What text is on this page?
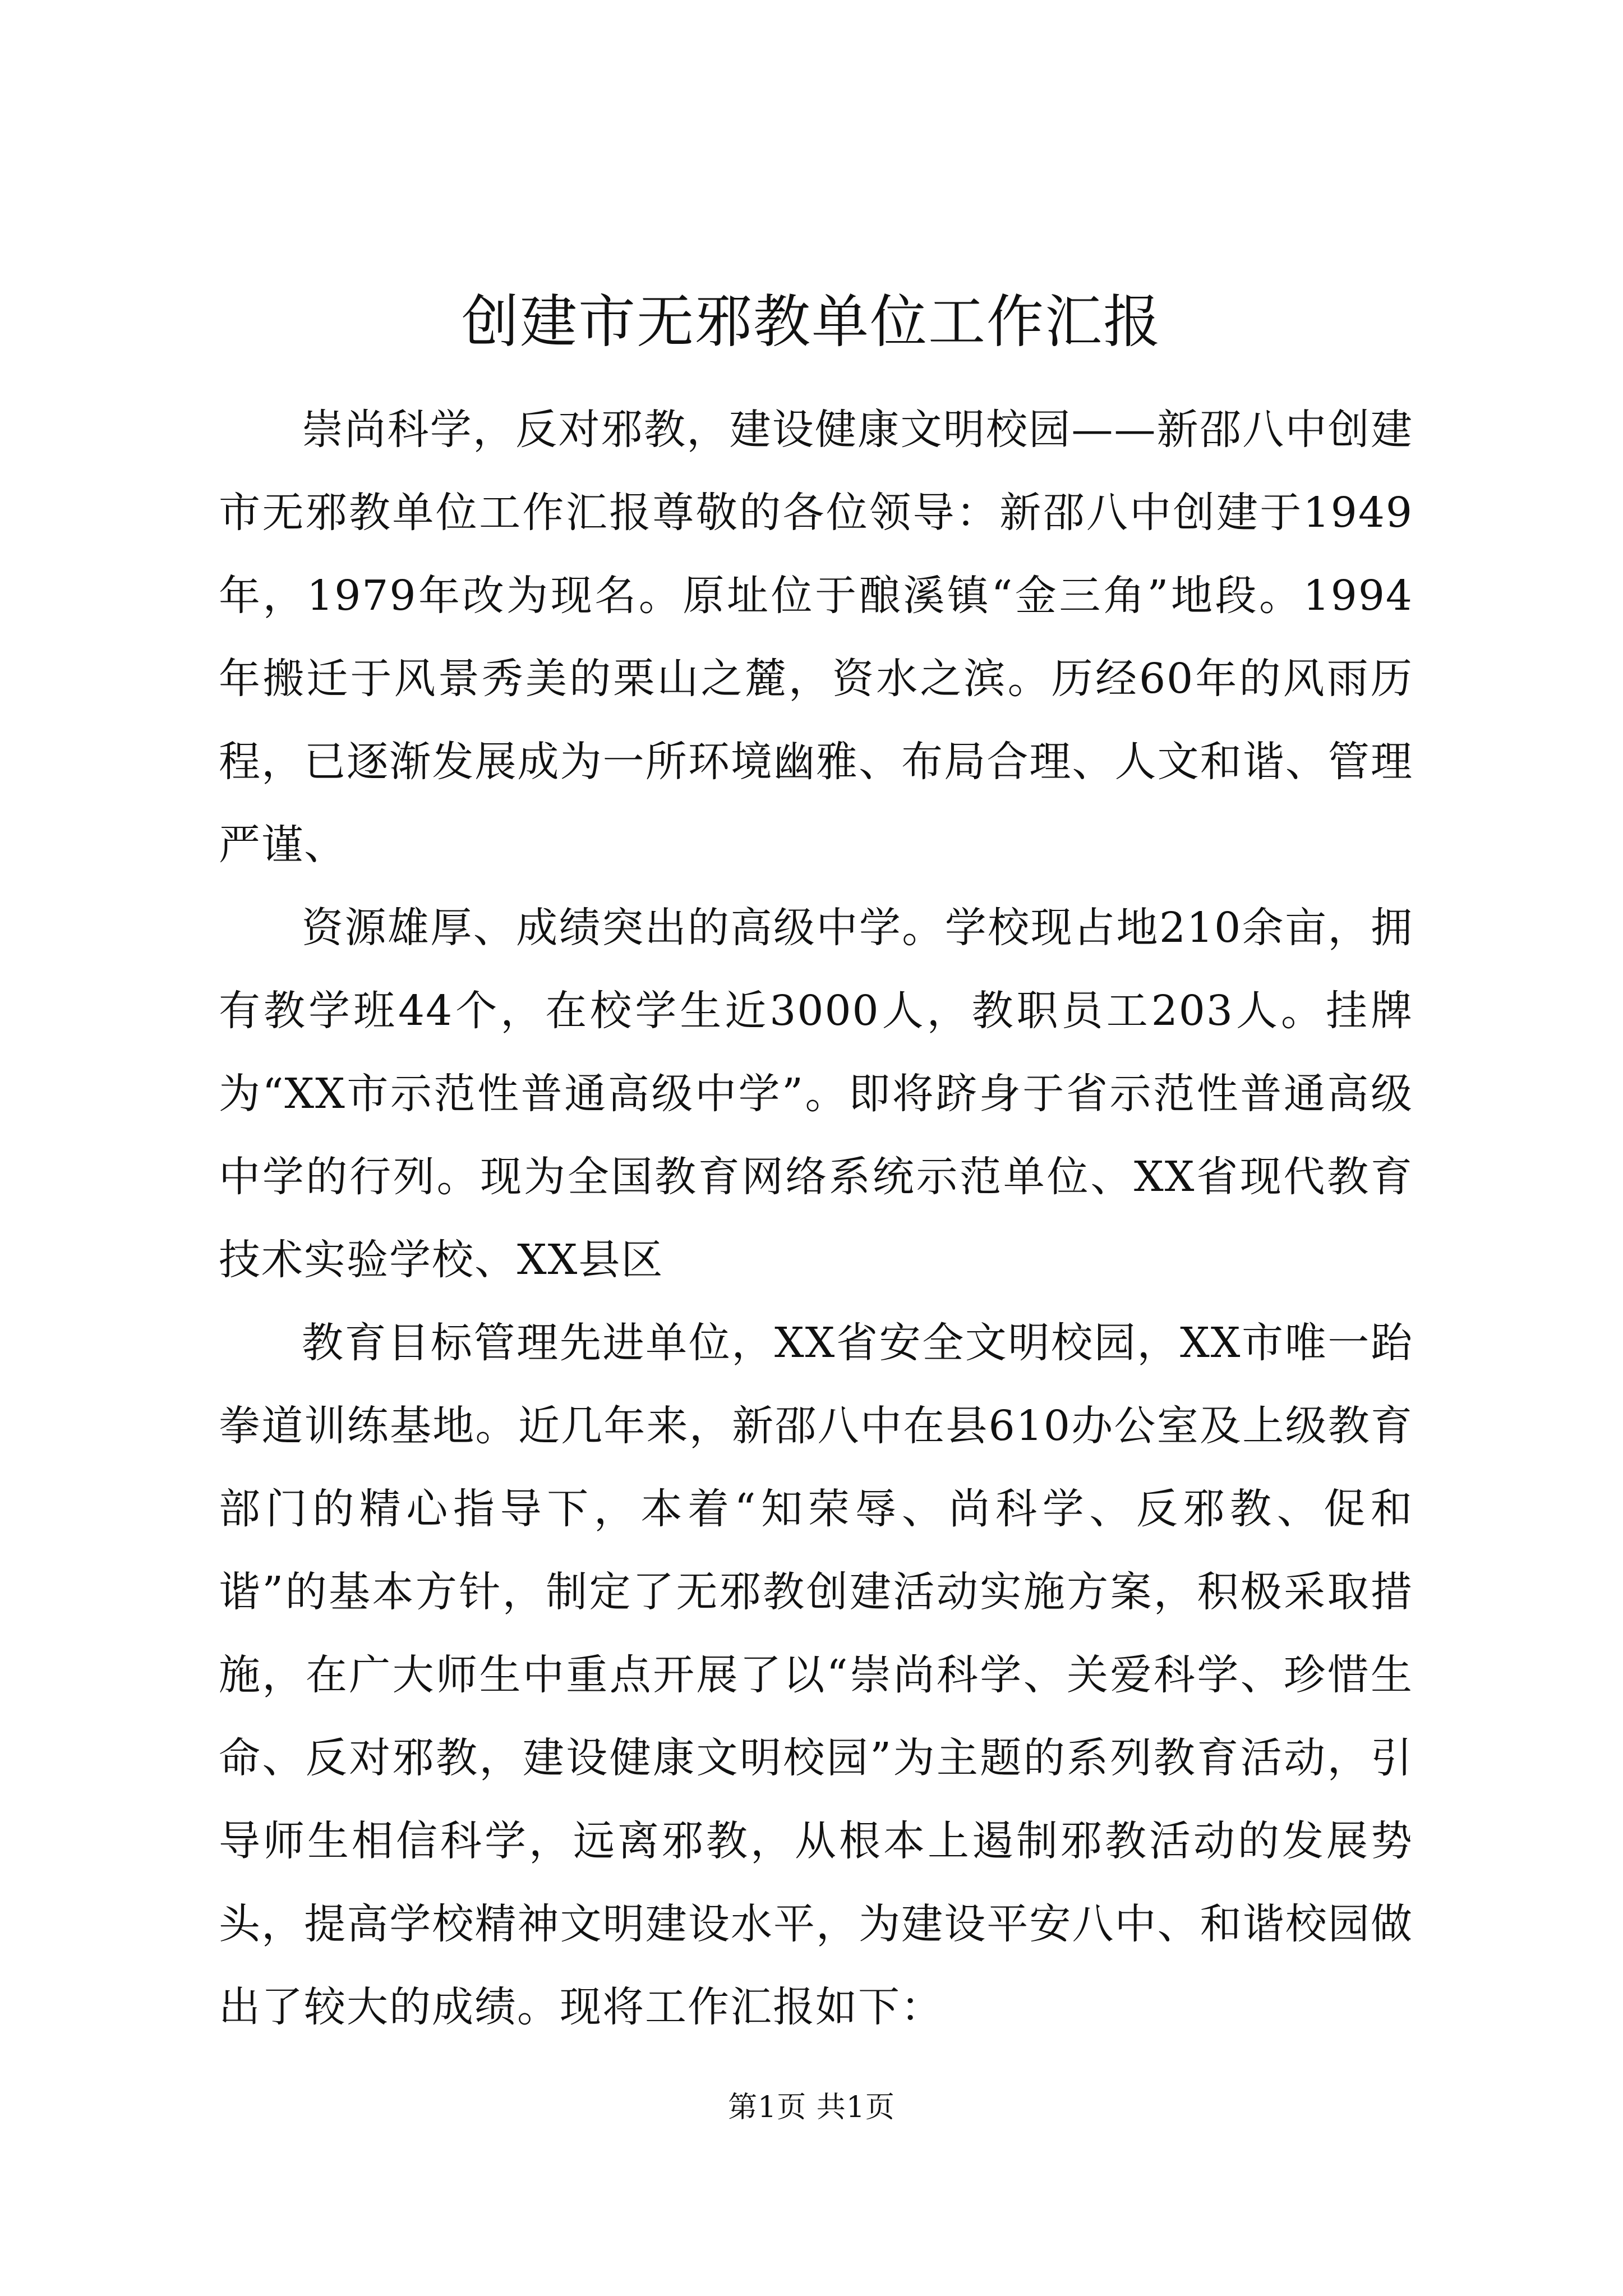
创建市无邪教单位工作汇报

崇尚科学，反对邪教，建设健康文明校园——新邵八中创建市无邪教单位工作汇报尊敬的各位领导：新邵八中创建于1949年，1979年改为现名。原址位于酿溪镇“金三角”地段。1994年搬迁于风景秀美的栗山之麓，资水之滨。历经60年的风雨历程，已逐渐发展成为一所环境幽雅、布局合理、人文和谐、管理严谨、

资源雄厚、成绩突出的高级中学。学校现占地210余亩，拥有教学班44个，在校学生近3000人，教职员工203人。挂牌为“XX市示范性普通高级中学”。即将跻身于省示范性普通高级中学的行列。现为全国教育网络系统示范单位、XX省现代教育技术实验学校、XX县区

教育目标管理先进单位，XX省安全文明校园，XX市唯一跆拳道训练基地。近几年来，新邵八中在县610办公室及上级教育部门的精心指导下，本着“知荣辱、尚科学、反邪教、促和谐”的基本方针，制定了无邪教创建活动实施方案，积极采取措施，在广大师生中重点开展了以“崇尚科学、关爱科学、珍惜生命、反对邪教，建设健康文明校园”为主题的系列教育活动，引导师生相信科学，远离邪教，从根本上遏制邪教活动的发展势头，提高学校精神文明建设水平，为建设平安八中、和谐校园做出了较大的成绩。现将工作汇报如下：

第1页 共1页
